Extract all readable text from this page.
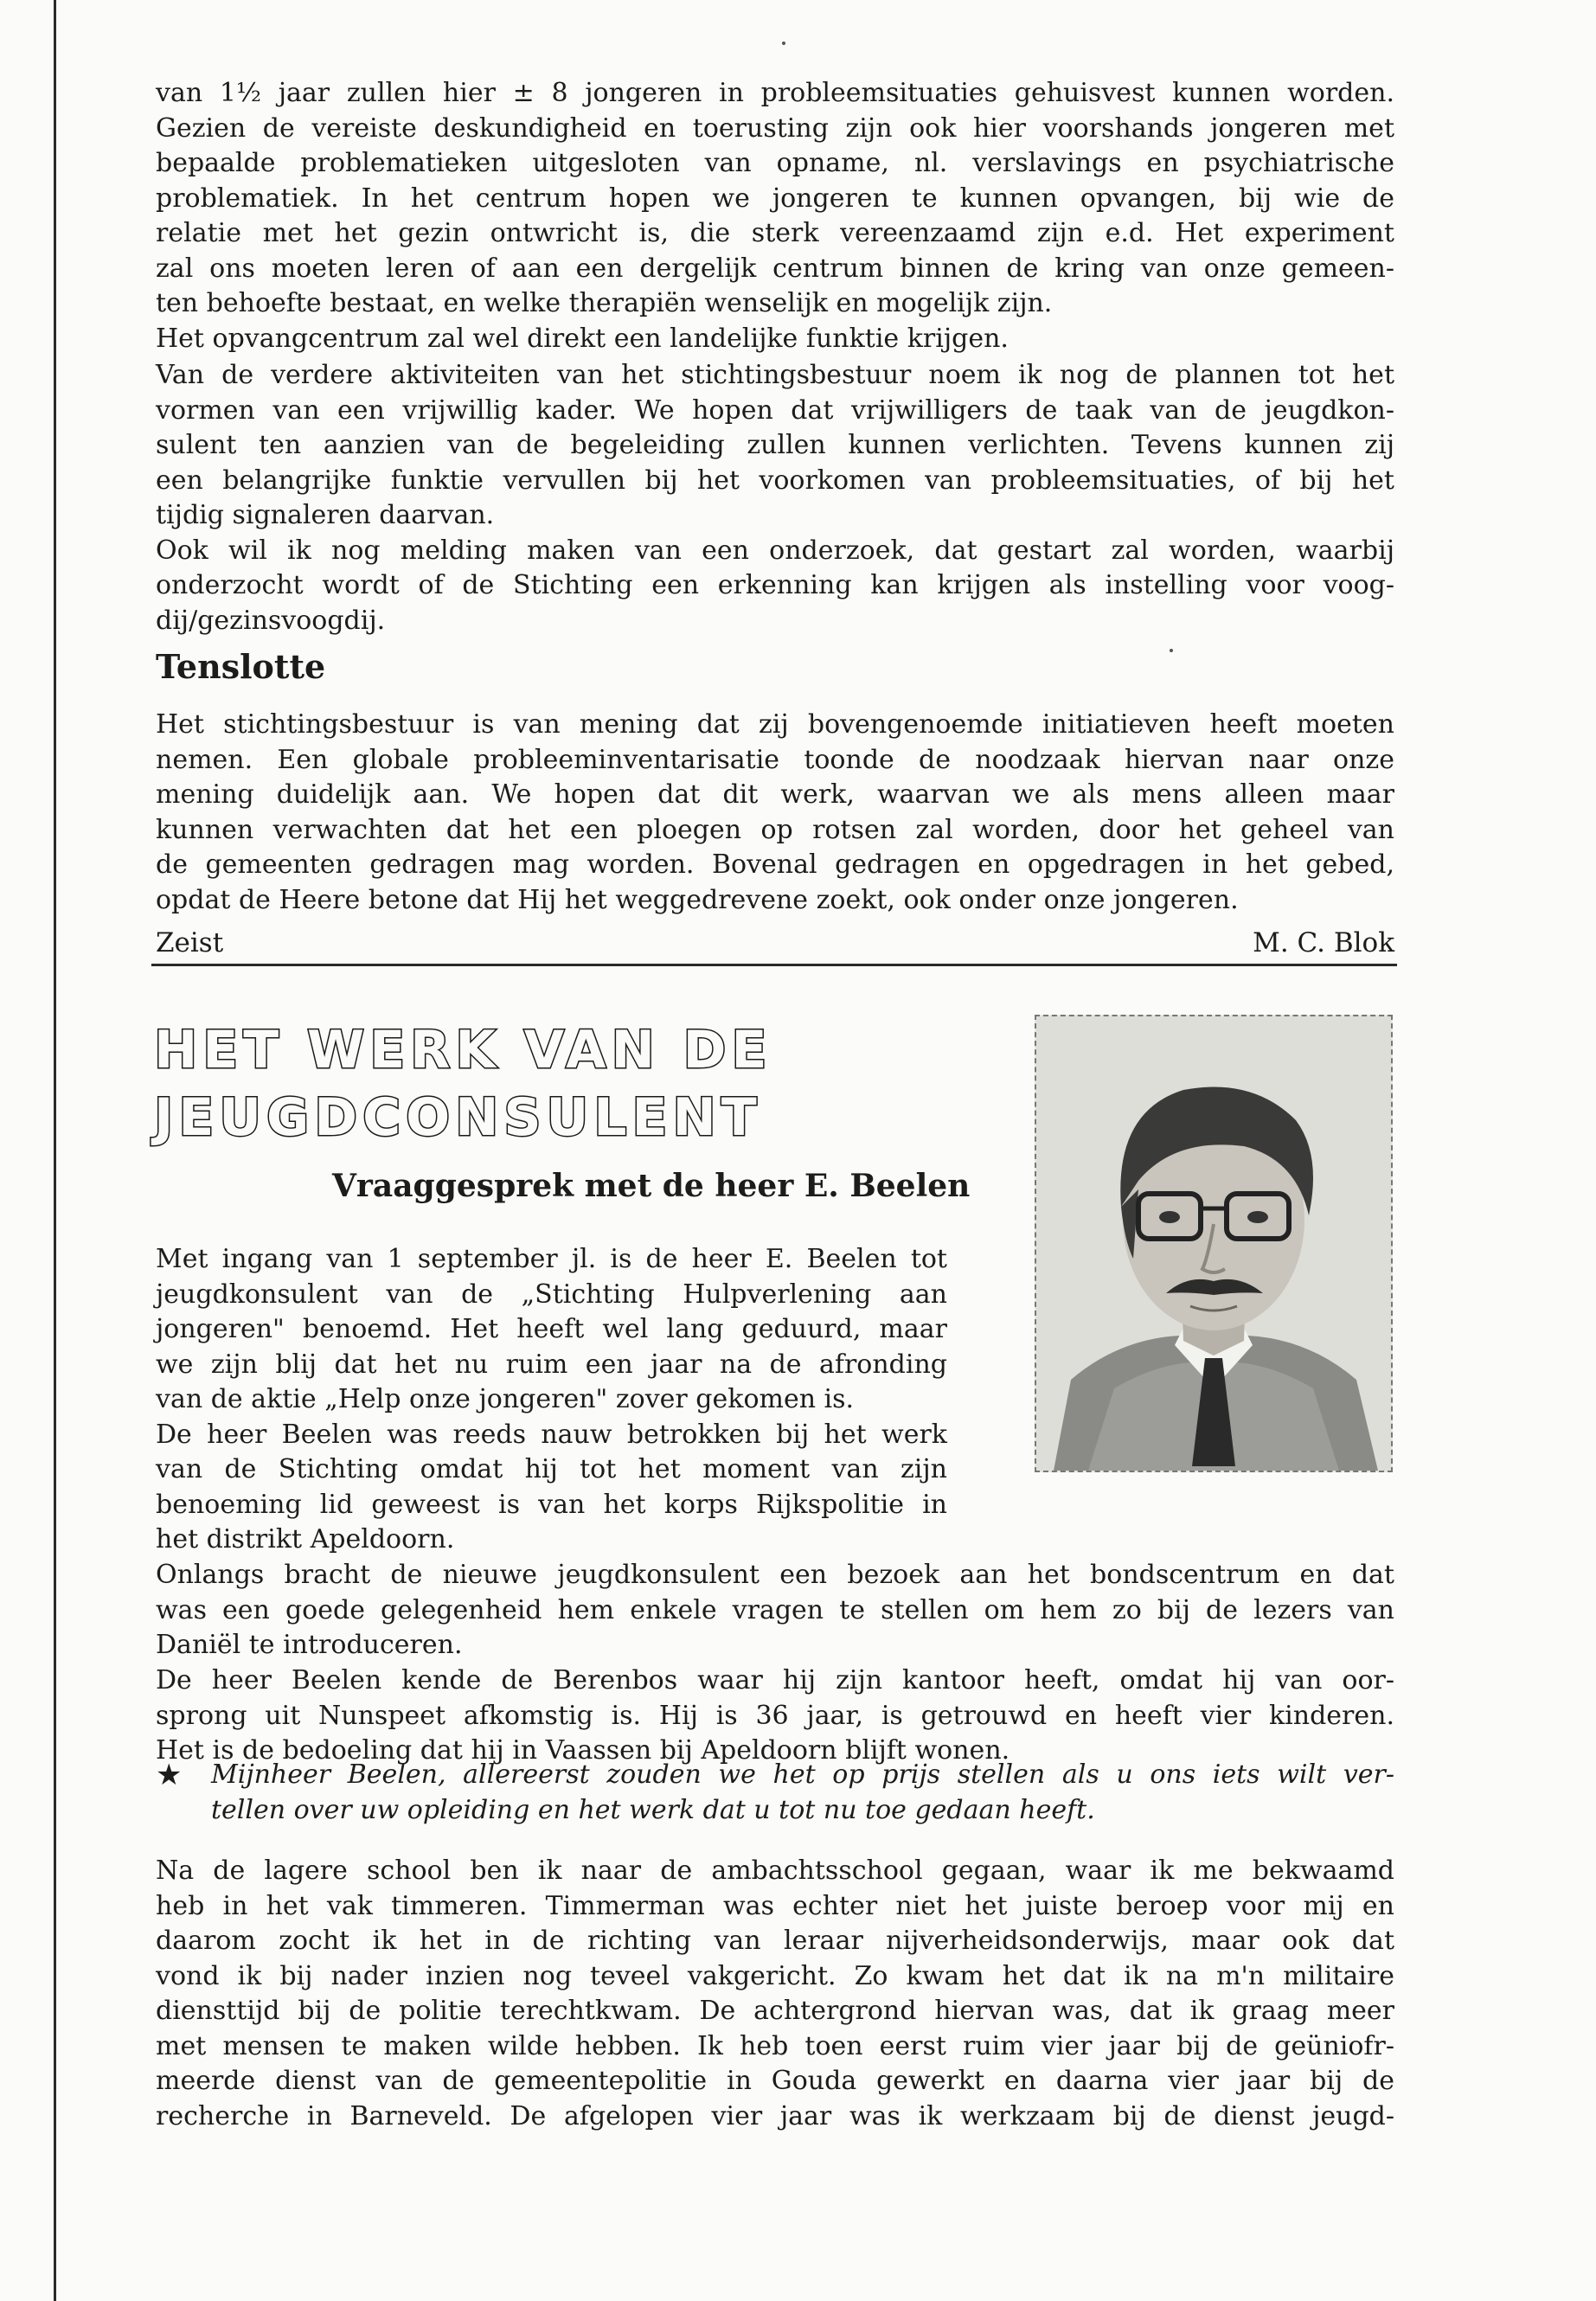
van 1½ jaar zullen hier ± 8 jongeren in probleemsituaties gehuisvest kunnen worden.
Gezien de vereiste deskundigheid en toerusting zijn ook hier voorshands jongeren met
bepaalde problematieken uitgesloten van opname, nl. verslavings en psychiatrische
problematiek. In het centrum hopen we jongeren te kunnen opvangen, bij wie de
relatie met het gezin ontwricht is, die sterk vereenzaamd zijn e.d. Het experiment
zal ons moeten leren of aan een dergelijk centrum binnen de kring van onze gemeen-
ten behoefte bestaat, en welke therapiën wenselijk en mogelijk zijn.
Het opvangcentrum zal wel direkt een landelijke funktie krijgen.
Van de verdere aktiviteiten van het stichtingsbestuur noem ik nog de plannen tot het
vormen van een vrijwillig kader. We hopen dat vrijwilligers de taak van de jeugdkon-
sulent ten aanzien van de begeleiding zullen kunnen verlichten. Tevens kunnen zij
een belangrijke funktie vervullen bij het voorkomen van probleemsituaties, of bij het
tijdig signaleren daarvan.
Ook wil ik nog melding maken van een onderzoek, dat gestart zal worden, waarbij
onderzocht wordt of de Stichting een erkenning kan krijgen als instelling voor voog-
dij/gezinsvoogdij.
Tenslotte
Het stichtingsbestuur is van mening dat zij bovengenoemde initiatieven heeft moeten
nemen. Een globale probleeminventarisatie toonde de noodzaak hiervan naar onze
mening duidelijk aan. We hopen dat dit werk, waarvan we als mens alleen maar
kunnen verwachten dat het een ploegen op rotsen zal worden, door het geheel van
de gemeenten gedragen mag worden. Bovenal gedragen en opgedragen in het gebed,
opdat de Heere betone dat Hij het weggedrevene zoekt, ook onder onze jongeren.
Zeist	M. C. Blok
HET WERK VAN DE
JEUGDCONSULENT
Vraaggesprek met de heer E. Beelen
Met ingang van 1 september jl. is de heer E. Beelen tot
jeugdkonsulent van de „Stichting Hulpverlening aan
jongeren" benoemd. Het heeft wel lang geduurd, maar
we zijn blij dat het nu ruim een jaar na de afronding
van de aktie „Help onze jongeren" zover gekomen is.
De heer Beelen was reeds nauw betrokken bij het werk
van de Stichting omdat hij tot het moment van zijn
benoeming lid geweest is van het korps Rijkspolitie in
het distrikt Apeldoorn.
Onlangs bracht de nieuwe jeugdkonsulent een bezoek aan het bondscentrum en dat
was een goede gelegenheid hem enkele vragen te stellen om hem zo bij de lezers van
Daniël te introduceren.
De heer Beelen kende de Berenbos waar hij zijn kantoor heeft, omdat hij van oor-
sprong uit Nunspeet afkomstig is. Hij is 36 jaar, is getrouwd en heeft vier kinderen.
Het is de bedoeling dat hij in Vaassen bij Apeldoorn blijft wonen.
★ Mijnheer Beelen, allereerst zouden we het op prijs stellen als u ons iets wilt ver-
tellen over uw opleiding en het werk dat u tot nu toe gedaan heeft.
Na de lagere school ben ik naar de ambachtsschool gegaan, waar ik me bekwaamd
heb in het vak timmeren. Timmerman was echter niet het juiste beroep voor mij en
daarom zocht ik het in de richting van leraar nijverheidsonderwijs, maar ook dat
vond ik bij nader inzien nog teveel vakgericht. Zo kwam het dat ik na m'n militaire
diensttijd bij de politie terechtkwam. De achtergrond hiervan was, dat ik graag meer
met mensen te maken wilde hebben. Ik heb toen eerst ruim vier jaar bij de geüniofr-
meerde dienst van de gemeentepolitie in Gouda gewerkt en daarna vier jaar bij de
recherche in Barneveld. De afgelopen vier jaar was ik werkzaam bij de dienst jeugd-
